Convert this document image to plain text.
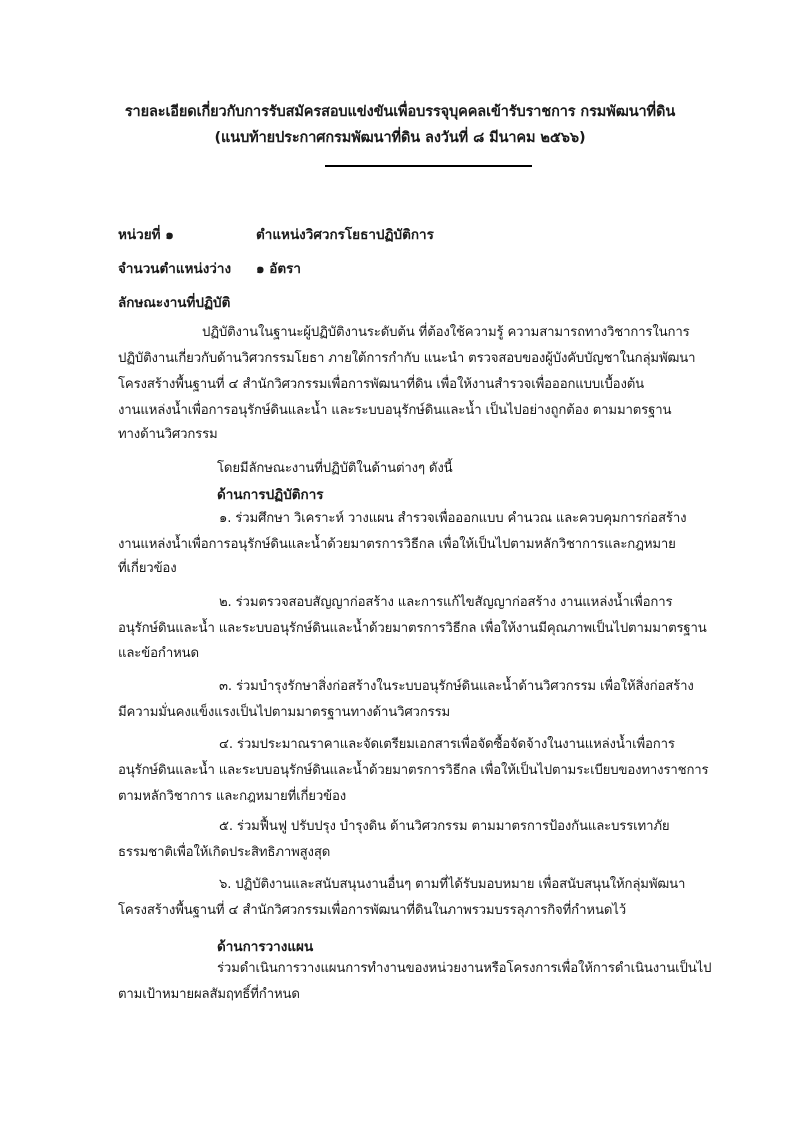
รายละเอียดเกี่ยวกับการรับสมัครสอบแข่งขันเพื่อบรรจุบุคคลเข้ารับราชการ กรมพัฒนาที่ดิน
(แนบท้ายประกาศกรมพัฒนาที่ดิน ลงวันที่ ๘ มีนาคม ๒๕๖๖)
หน่วยที่ ๑	ตำแหน่งวิศวกรโยธาปฏิบัติการ
จำนวนตำแหน่งว่าง ๑ อัตรา
ลักษณะงานที่ปฏิบัติ
ปฏิบัติงานในฐานะผู้ปฏิบัติงานระดับต้น ที่ต้องใช้ความรู้ ความสามารถทางวิชาการในการ
ปฏิบัติงานเกี่ยวกับด้านวิศวกรรมโยธา ภายใต้การกำกับ แนะนำ ตรวจสอบของผู้บังคับบัญชาในกลุ่มพัฒนา
โครงสร้างพื้นฐานที่ ๔ สำนักวิศวกรรมเพื่อการพัฒนาที่ดิน เพื่อให้งานสำรวจเพื่อออกแบบเบื้องต้น
งานแหล่งน้ำเพื่อการอนุรักษ์ดินและน้ำ และระบบอนุรักษ์ดินและน้ำ เป็นไปอย่างถูกต้อง ตามมาตรฐาน
ทางด้านวิศวกรรม
โดยมีลักษณะงานที่ปฏิบัติในด้านต่างๆ ดังนี้
ด้านการปฏิบัติการ
๑. ร่วมศึกษา วิเคราะห์ วางแผน สำรวจเพื่อออกแบบ คำนวณ และควบคุมการก่อสร้าง
งานแหล่งน้ำเพื่อการอนุรักษ์ดินและน้ำด้วยมาตรการวิธีกล เพื่อให้เป็นไปตามหลักวิชาการและกฎหมาย
ที่เกี่ยวข้อง
๒. ร่วมตรวจสอบสัญญาก่อสร้าง และการแก้ไขสัญญาก่อสร้าง งานแหล่งน้ำเพื่อการ
อนุรักษ์ดินและน้ำ และระบบอนุรักษ์ดินและน้ำด้วยมาตรการวิธีกล เพื่อให้งานมีคุณภาพเป็นไปตามมาตรฐาน
และข้อกำหนด
๓. ร่วมบำรุงรักษาสิ่งก่อสร้างในระบบอนุรักษ์ดินและน้ำด้านวิศวกรรม เพื่อให้สิ่งก่อสร้าง
มีความมั่นคงแข็งแรงเป็นไปตามมาตรฐานทางด้านวิศวกรรม
๔. ร่วมประมาณราคาและจัดเตรียมเอกสารเพื่อจัดซื้อจัดจ้างในงานแหล่งน้ำเพื่อการ
อนุรักษ์ดินและน้ำ และระบบอนุรักษ์ดินและน้ำด้วยมาตรการวิธีกล เพื่อให้เป็นไปตามระเบียบของทางราชการ
ตามหลักวิชาการ และกฎหมายที่เกี่ยวข้อง
๕. ร่วมฟื้นฟู ปรับปรุง บำรุงดิน ด้านวิศวกรรม ตามมาตรการป้องกันและบรรเทาภัย
ธรรมชาติเพื่อให้เกิดประสิทธิภาพสูงสุด
๖. ปฏิบัติงานและสนับสนุนงานอื่นๆ ตามที่ได้รับมอบหมาย เพื่อสนับสนุนให้กลุ่มพัฒนา
โครงสร้างพื้นฐานที่ ๔ สำนักวิศวกรรมเพื่อการพัฒนาที่ดินในภาพรวมบรรลุภารกิจที่กำหนดไว้
ด้านการวางแผน
ร่วมดำเนินการวางแผนการทำงานของหน่วยงานหรือโครงการเพื่อให้การดำเนินงานเป็นไป
ตามเป้าหมายผลสัมฤทธิ์ที่กำหนด
